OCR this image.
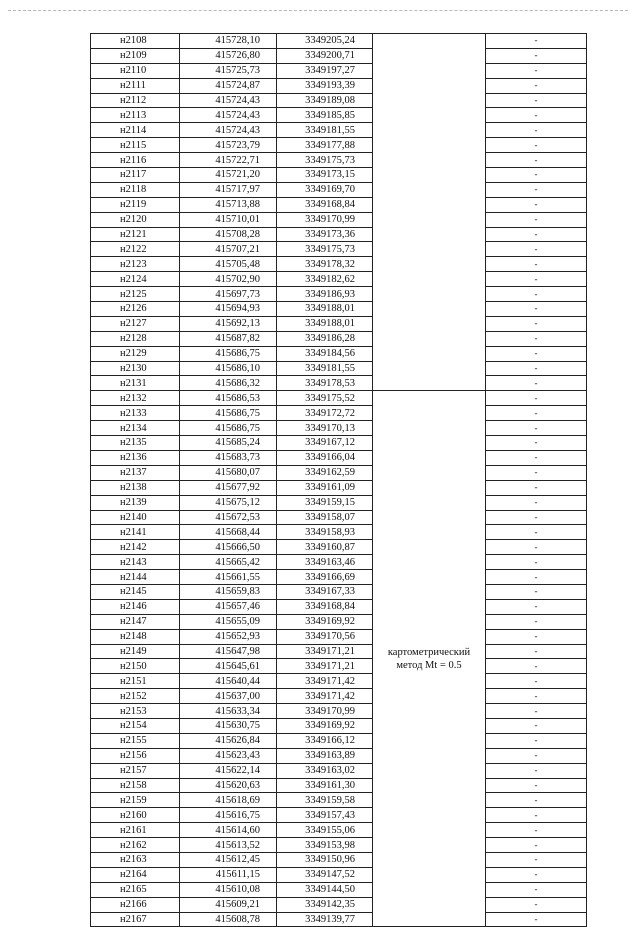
н2108	415728,10	3349205,24		-
н2109	415726,80	3349200,71		-
н2110	415725,73	3349197,27		-
н2111	415724,87	3349193,39		-
н2112	415724,43	3349189,08		-
н2113	415724,43	3349185,85		-
н2114	415724,43	3349181,55		-
н2115	415723,79	3349177,88		-
н2116	415722,71	3349175,73		-
н2117	415721,20	3349173,15		-
н2118	415717,97	3349169,70		-
н2119	415713,88	3349168,84		-
н2120	415710,01	3349170,99		-
н2121	415708,28	3349173,36		-
н2122	415707,21	3349175,73		-
н2123	415705,48	3349178,32		-
н2124	415702,90	3349182,62		-
н2125	415697,73	3349186,93		-
н2126	415694,93	3349188,01		-
н2127	415692,13	3349188,01		-
н2128	415687,82	3349186,28		-
н2129	415686,75	3349184,56		-
н2130	415686,10	3349181,55		-
н2131	415686,32	3349178,53		-
н2132	415686,53	3349175,52	картометрический
метод Mt = 0.5	-
н2133	415686,75	3349172,72		-
н2134	415686,75	3349170,13		-
н2135	415685,24	3349167,12		-
н2136	415683,73	3349166,04		-
н2137	415680,07	3349162,59		-
н2138	415677,92	3349161,09		-
н2139	415675,12	3349159,15		-
н2140	415672,53	3349158,07		-
н2141	415668,44	3349158,93		-
н2142	415666,50	3349160,87		-
н2143	415665,42	3349163,46		-
н2144	415661,55	3349166,69		-
н2145	415659,83	3349167,33		-
н2146	415657,46	3349168,84		-
н2147	415655,09	3349169,92		-
н2148	415652,93	3349170,56		-
н2149	415647,98	3349171,21		-
н2150	415645,61	3349171,21		-
н2151	415640,44	3349171,42		-
н2152	415637,00	3349171,42		-
н2153	415633,34	3349170,99		-
н2154	415630,75	3349169,92		-
н2155	415626,84	3349166,12		-
н2156	415623,43	3349163,89		-
н2157	415622,14	3349163,02		-
н2158	415620,63	3349161,30		-
н2159	415618,69	3349159,58		-
н2160	415616,75	3349157,43		-
н2161	415614,60	3349155,06		-
н2162	415613,52	3349153,98		-
н2163	415612,45	3349150,96		-
н2164	415611,15	3349147,52		-
н2165	415610,08	3349144,50		-
н2166	415609,21	3349142,35		-
н2167	415608,78	3349139,77		-
